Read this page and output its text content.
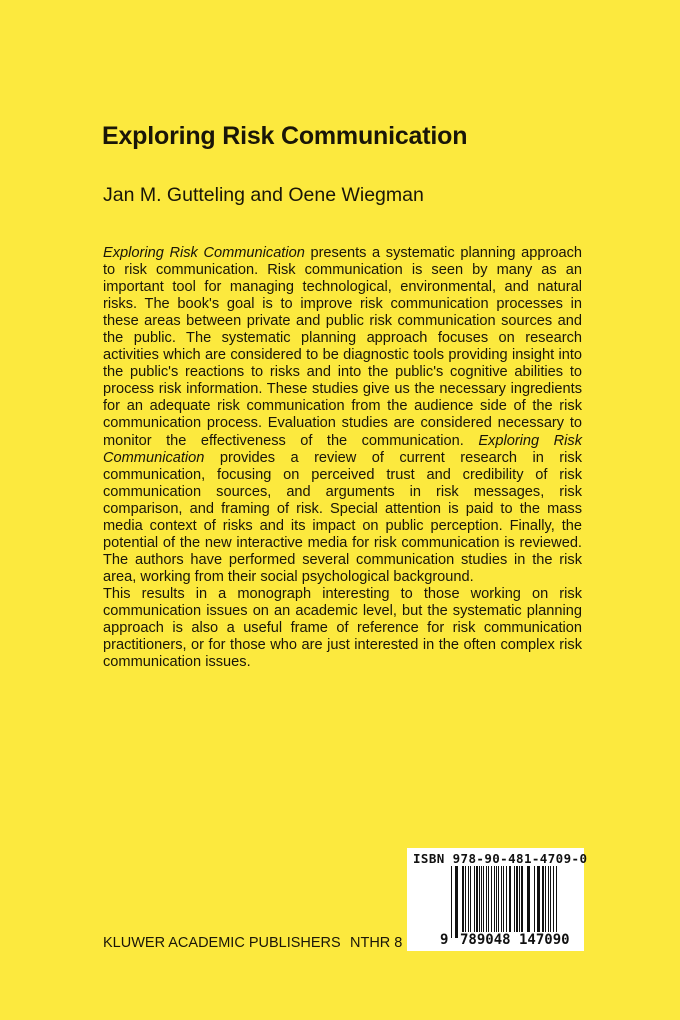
Exploring Risk Communication
Jan M. Gutteling and Oene Wiegman

Exploring Risk Communication presents a systematic planning approach to risk communication. Risk communication is seen by many as an important tool for managing technological, environmental, and natural risks. The book's goal is to improve risk communication processes in these areas between private and public risk communication sources and the public. The systematic planning approach focuses on research activities which are considered to be diagnostic tools providing insight into the public's reactions to risks and into the public's cognitive abilities to process risk information. These studies give us the necessary ingredients for an adequate risk communication from the audience side of the risk communication process. Evaluation studies are considered necessary to monitor the effectiveness of the communication. Exploring Risk Communication provides a review of current research in risk communication, focusing on perceived trust and credibility of risk communication sources, and arguments in risk messages, risk comparison, and framing of risk. Special attention is paid to the mass media context of risks and its impact on public perception. Finally, the potential of the new interactive media for risk communication is reviewed. The authors have performed several communication studies in the risk area, working from their social psychological background.

This results in a monograph interesting to those working on risk communication issues on an academic level, but the systematic planning approach is also a useful frame of reference for risk communication practitioners, or for those who are just interested in the often complex risk communication issues.

KLUWER ACADEMIC PUBLISHERS NTHR 8
ISBN 978-90-481-4709-0
9 789048 147090
